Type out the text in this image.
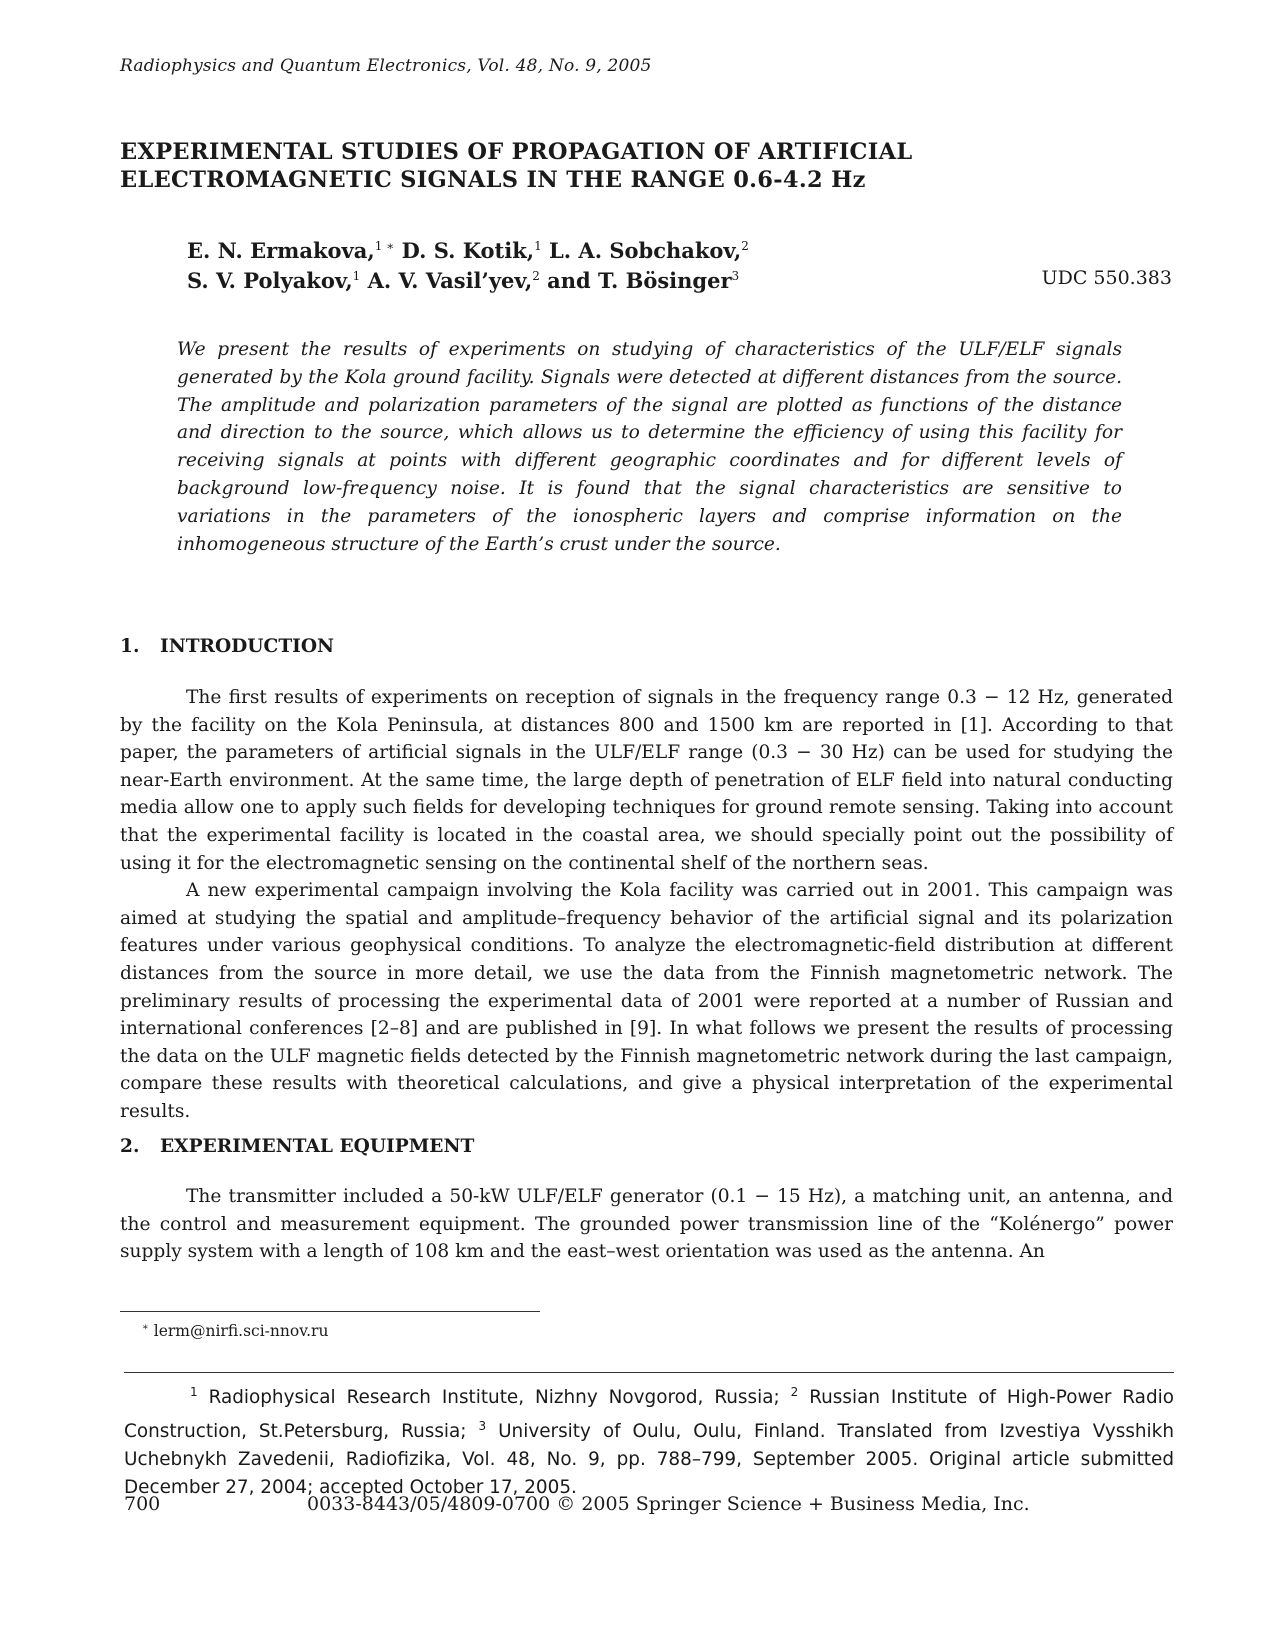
Radiophysics and Quantum Electronics, Vol. 48, No. 9, 2005
EXPERIMENTAL STUDIES OF PROPAGATION OF ARTIFICIAL
ELECTROMAGNETIC SIGNALS IN THE RANGE 0.6-4.2 Hz
E. N. Ermakova,$^{1 ∗}$ D. S. Kotik,$^1$ L. A. Sobchakov,$^2$
S. V. Polyakov,$^1$ A. V. Vasil’yev,$^2$ and T. Bösinger$^3$	UDC 550.383
We present the results of experiments on studying of characteristics of the ULF/ELF signals generated by the Kola ground facility. Signals were detected at different distances from the source. The amplitude and polarization parameters of the signal are plotted as functions of the distance and direction to the source, which allows us to determine the efficiency of using this facility for receiving signals at points with different geographic coordinates and for different levels of background low-frequency noise. It is found that the signal characteristics are sensitive to variations in the parameters of the ionospheric layers and comprise information on the inhomogeneous structure of the Earth’s crust under the source.
1. INTRODUCTION

The first results of experiments on reception of signals in the frequency range 0.3 − 12 Hz, generated by the facility on the Kola Peninsula, at distances 800 and 1500 km are reported in [1]. According to that paper, the parameters of artificial signals in the ULF/ELF range (0.3 − 30 Hz) can be used for studying the near-Earth environment. At the same time, the large depth of penetration of ELF field into natural conducting media allow one to apply such fields for developing techniques for ground remote sensing. Taking into account that the experimental facility is located in the coastal area, we should specially point out the possibility of using it for the electromagnetic sensing on the continental shelf of the northern seas.

A new experimental campaign involving the Kola facility was carried out in 2001. This campaign was aimed at studying the spatial and amplitude–frequency behavior of the artificial signal and its polarization features under various geophysical conditions. To analyze the electromagnetic-field distribution at different distances from the source in more detail, we use the data from the Finnish magnetometric network. The preliminary results of processing the experimental data of 2001 were reported at a number of Russian and international conferences [2–8] and are published in [9]. In what follows we present the results of processing the data on the ULF magnetic fields detected by the Finnish magnetometric network during the last campaign, compare these results with theoretical calculations, and give a physical interpretation of the experimental results.

2. EXPERIMENTAL EQUIPMENT

The transmitter included a 50-kW ULF/ELF generator (0.1 − 15 Hz), a matching unit, an antenna, and the control and measurement equipment. The grounded power transmission line of the “Kolénergo” power supply system with a length of 108 km and the east–west orientation was used as the antenna. An

∗ lerm@nirfi.sci-nnov.ru

$^1$ Radiophysical Research Institute, Nizhny Novgorod, Russia; $^2$ Russian Institute of High-Power Radio Construction, St.Petersburg, Russia; $^3$ University of Oulu, Oulu, Finland. Translated from Izvestiya Vysshikh Uchebnykh Zavedenii, Radiofizika, Vol. 48, No. 9, pp. 788–799, September 2005. Original article submitted December 27, 2004; accepted October 17, 2005.

700	0033-8443/05/4809-0700 © 2005 Springer Science + Business Media, Inc.
